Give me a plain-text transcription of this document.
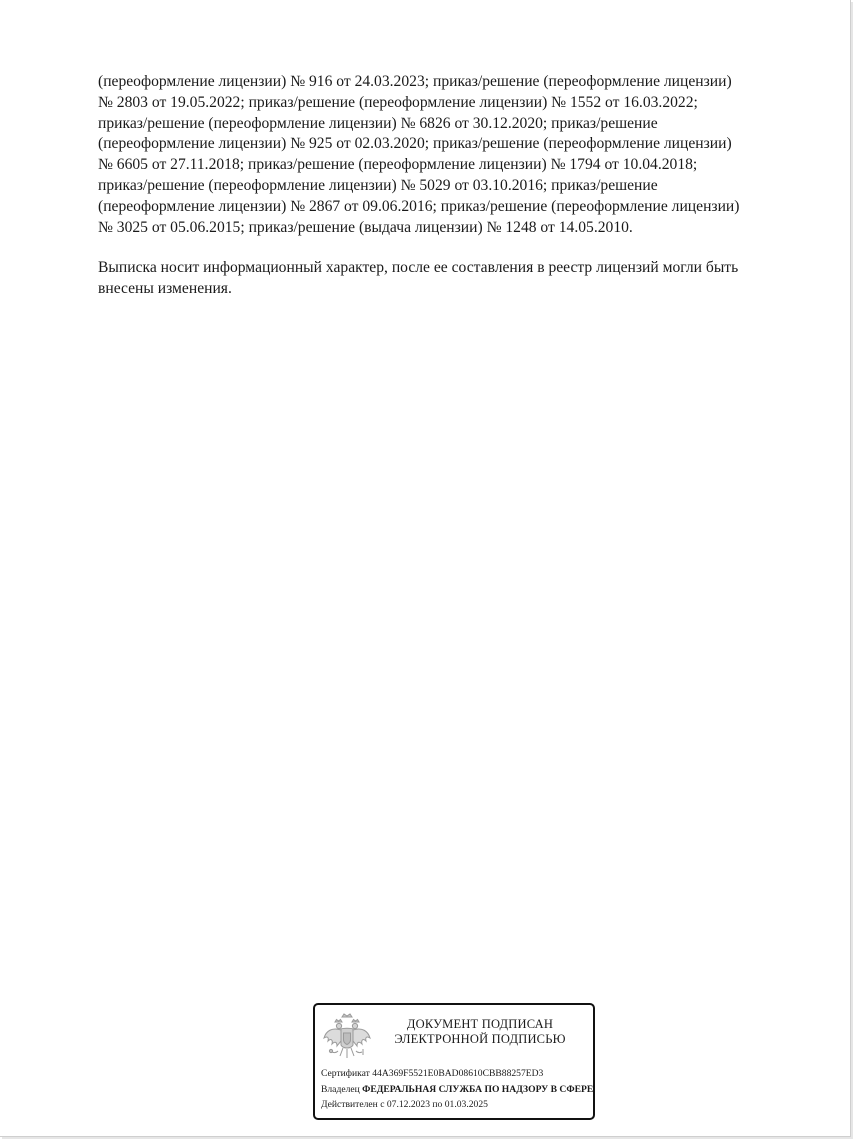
(переоформление лицензии) № 916 от 24.03.2023; приказ/решение (переоформление лицензии)
№ 2803 от 19.05.2022; приказ/решение (переоформление лицензии) № 1552 от 16.03.2022;
приказ/решение (переоформление лицензии) № 6826 от 30.12.2020; приказ/решение
(переоформление лицензии) № 925 от 02.03.2020; приказ/решение (переоформление лицензии)
№ 6605 от 27.11.2018; приказ/решение (переоформление лицензии) № 1794 от 10.04.2018;
приказ/решение (переоформление лицензии) № 5029 от 03.10.2016; приказ/решение
(переоформление лицензии) № 2867 от 09.06.2016; приказ/решение (переоформление лицензии)
№ 3025 от 05.06.2015; приказ/решение (выдача лицензии) № 1248 от 14.05.2010.
Выписка носит информационный характер, после ее составления в реестр лицензий могли быть
внесены изменения.
ДОКУМЕНТ ПОДПИСАН
ЭЛЕКТРОННОЙ ПОДПИСЬЮ
Сертификат 44A369F5521E0BAD08610CBB88257ED3
Владелец ФЕДЕРАЛЬНАЯ СЛУЖБА ПО НАДЗОРУ В СФЕРЕ
Действителен с 07.12.2023 по 01.03.2025
